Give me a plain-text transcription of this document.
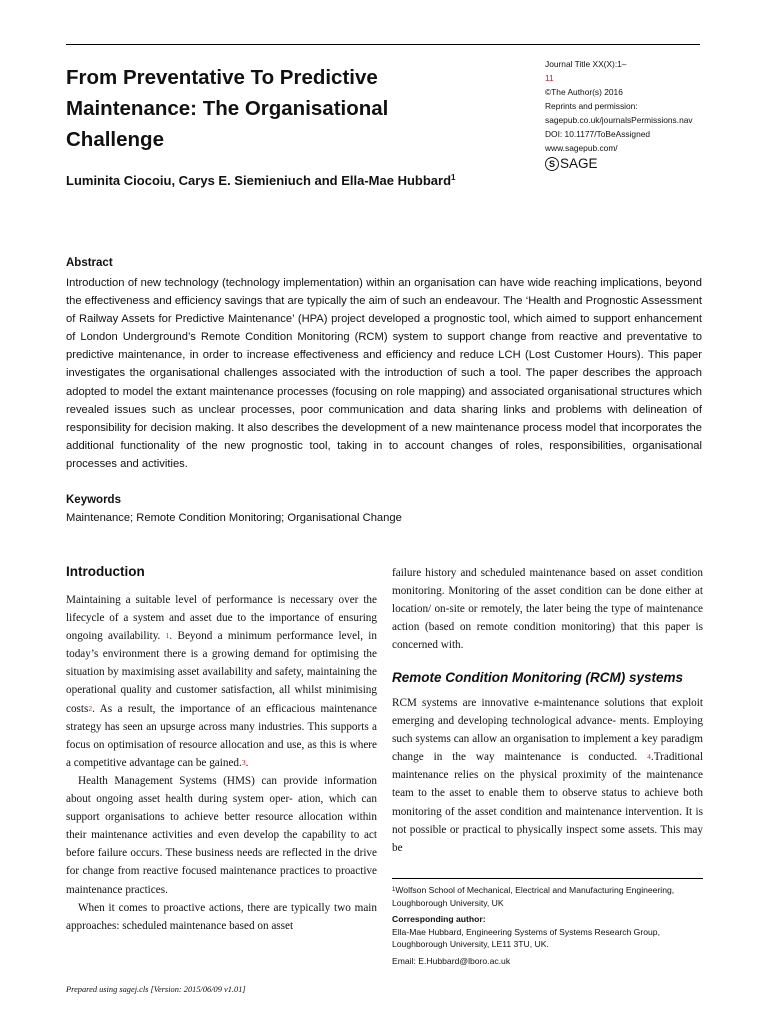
From Preventative To Predictive Maintenance: The Organisational Challenge
Journal Title XX(X):1–
11
©The Author(s) 2016
Reprints and permission:
sagepub.co.uk/journalsPermissions.nav
DOI: 10.1177/ToBeAssigned
www.sagepub.com/
S SAGE

Luminita Ciocoiu, Carys E. Siemieniuch and Ella-Mae Hubbard$^1$

Abstract

Introduction of new technology (technology implementation) within an organisation can have wide reaching implications, beyond the effectiveness and efficiency savings that are typically the aim of such an endeavour. The ‘Health and Prognostic Assessment of Railway Assets for Predictive Maintenance’ (HPA) project developed a prognostic tool, which aimed to support enhancement of London Underground’s Remote Condition Monitoring (RCM) system to support change from reactive and preventative to predictive maintenance, in order to increase effectiveness and efficiency and reduce LCH (Lost Customer Hours). This paper investigates the organisational challenges associated with the introduction of such a tool. The paper describes the approach adopted to model the extant maintenance processes (focusing on role mapping) and associated organisational structures which revealed issues such as unclear processes, poor communication and data sharing links and problems with delineation of responsibility for decision making. It also describes the development of a new maintenance process model that incorporates the additional functionality of the new prognostic tool, taking in to account changes of roles, responsibilities, organisational processes and activities.

Keywords

Maintenance; Remote Condition Monitoring; Organisational Change

Introduction

Maintaining a suitable level of performance is necessary over the lifecycle of a system and asset due to the importance of ensuring ongoing availability. $^1$. Beyond a minimum performance level, in today’s environment there is a growing demand for optimising the situation by maximising asset availability and safety, maintaining the operational quality and customer satisfaction, all whilst minimising costs$^2$. As a result, the importance of an efficacious maintenance strategy has seen an upsurge across many industries. This supports a focus on optimisation of resource allocation and use, as this is where a competitive advantage can be gained.$^3$.

Health Management Systems (HMS) can provide information about ongoing asset health during system oper- ation, which can support organisations to achieve better resource allocation within their maintenance activities and even develop the capability to act before failure occurs. These business needs are reflected in the drive for change from reactive focused maintenance practices to proactive maintenance practices.

When it comes to proactive actions, there are typically two main approaches: scheduled maintenance based on asset

failure history and scheduled maintenance based on asset condition monitoring. Monitoring of the asset condition can be done either at location/ on-site or remotely, the later being the type of maintenance action (based on remote condition monitoring) that this paper is concerned with.

Remote Condition Monitoring (RCM) systems

RCM systems are innovative e-maintenance solutions that exploit emerging and developing technological advance- ments. Employing such systems can allow an organisation to implement a key paradigm change in the way maintenance is conducted. $^4$.Traditional maintenance relies on the physical proximity of the maintenance team to the asset to enable them to observe status to achieve both monitoring of the asset condition and maintenance intervention. It is not possible or practical to physically inspect some assets. This may be

$^1$Wolfson School of Mechanical, Electrical and Manufacturing Engineering, Loughborough University, UK

Corresponding author:

Ella-Mae Hubbard, Engineering Systems of Systems Research Group, Loughborough University, LE11 3TU, UK.

Email: E.Hubbard@lboro.ac.uk

Prepared using sagej.cls [Version: 2015/06/09 v1.01]
